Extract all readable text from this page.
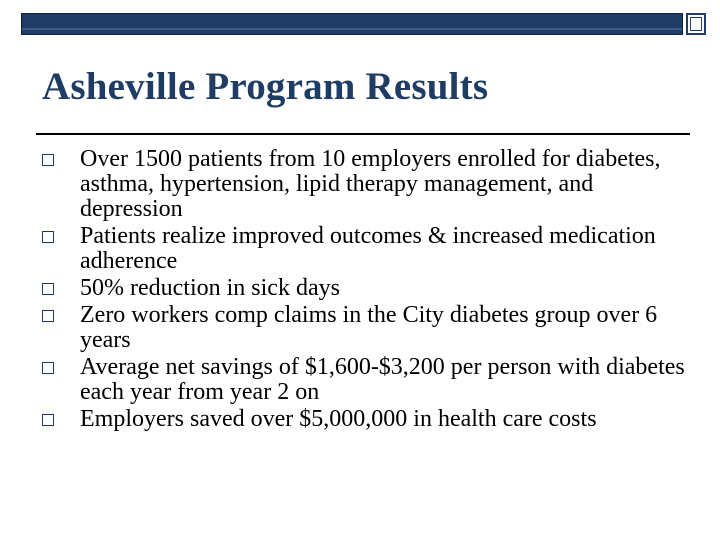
Asheville Program Results

Over 1500 patients from 10 employers enrolled for diabetes, asthma, hypertension, lipid therapy management, and depression

Patients realize improved outcomes & increased medication adherence

50% reduction in sick days

Zero workers comp claims in the City diabetes group over 6 years

Average net savings of $1,600-$3,200 per person with diabetes each year from year 2 on

Employers saved over $5,000,000 in health care costs
